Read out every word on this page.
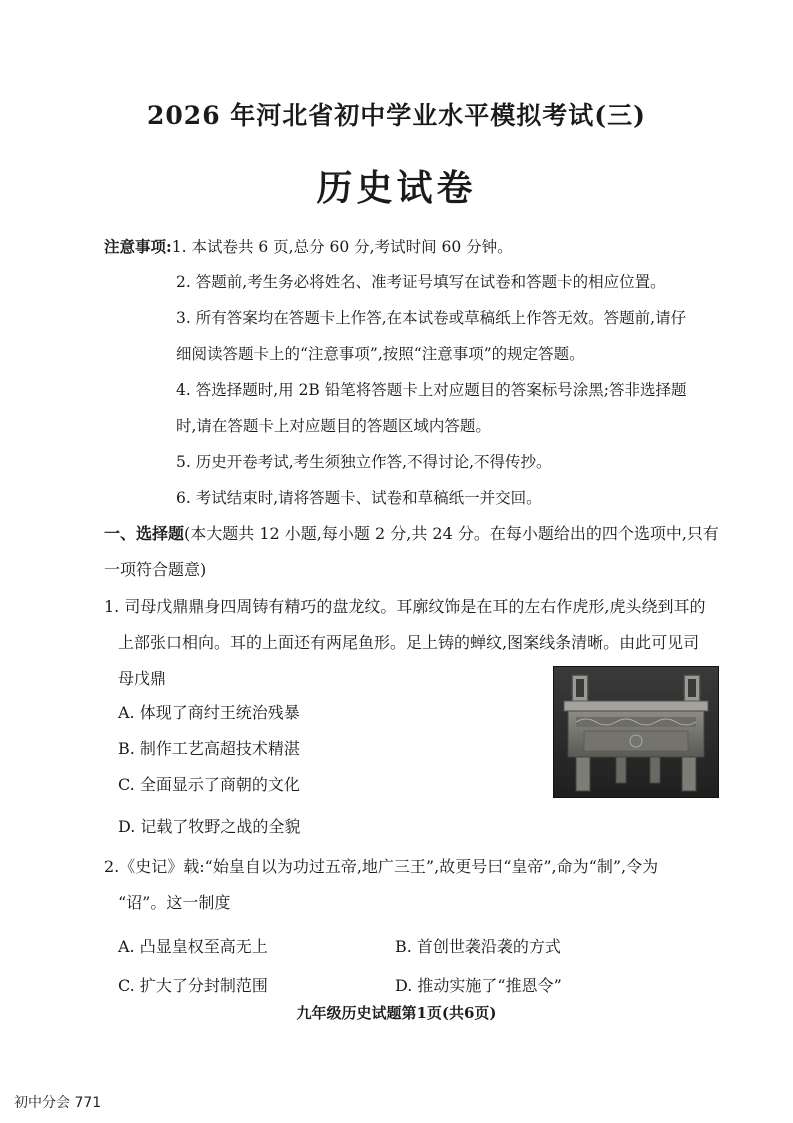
2026 年河北省初中学业水平模拟考试(三)
历史试卷
注意事项:1. 本试卷共 6 页,总分 60 分,考试时间 60 分钟。
2. 答题前,考生务必将姓名、准考证号填写在试卷和答题卡的相应位置。
3. 所有答案均在答题卡上作答,在本试卷或草稿纸上作答无效。答题前,请仔
细阅读答题卡上的“注意事项”,按照“注意事项”的规定答题。
4. 答选择题时,用 2B 铅笔将答题卡上对应题目的答案标号涂黑;答非选择题
时,请在答题卡上对应题目的答题区域内答题。
5. 历史开卷考试,考生须独立作答,不得讨论,不得传抄。
6. 考试结束时,请将答题卡、试卷和草稿纸一并交回。
一、选择题(本大题共 12 小题,每小题 2 分,共 24 分。在每小题给出的四个选项中,只有
一项符合题意)
1. 司母戊鼎鼎身四周铸有精巧的盘龙纹。耳廓纹饰是在耳的左右作虎形,虎头绕到耳的
上部张口相向。耳的上面还有两尾鱼形。足上铸的蝉纹,图案线条清晰。由此可见司
母戊鼎
A. 体现了商纣王统治残暴
B. 制作工艺高超技术精湛
C. 全面显示了商朝的文化
D. 记载了牧野之战的全貌
2.《史记》载:“始皇自以为功过五帝,地广三王”,故更号曰“皇帝”,命为“制”,令为
“诏”。这一制度
A. 凸显皇权至高无上	B. 首创世袭沿袭的方式
C. 扩大了分封制范围	D. 推动实施了“推恩令”
九年级历史试题第1页(共6页)
初中分会 771
